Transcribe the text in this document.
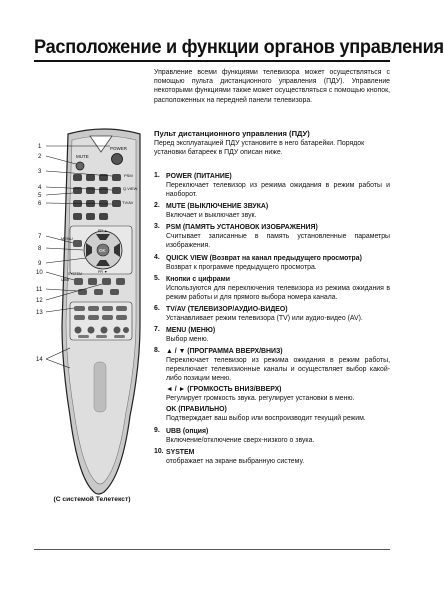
Расположение и функции органов управления
Управление всеми функциями телевизора может осуществляться с помощью пульта дистанционного управления (ПДУ). Управление некоторыми функциями также может осуществляться с помощью кнопок, расположенных на передней панели телевизора.
Пульт дистанционного управления (ПДУ)
Перед эксплуатацией ПДУ установите в него батарейки. Порядок установки батареек в ПДУ описан ниже.
1. POWER (ПИТАНИЕ)
Переключает телевизор из режима ожидания в режим работы и наоборот.
2. MUTE (ВЫКЛЮЧЕНИЕ ЗВУКА)
Включает и выключает звук.
3. PSM (ПАМЯТЬ УСТАНОВОК ИЗОБРАЖЕНИЯ)
Считывает записанные в память установленные параметры изображения.
4. QUICK VIEW (Возврат на канал предыдущего просмотра)
Возврат к программе предыдущего просмотра.
5. Кнопки с цифрами
Используются для переключения телевизора из режима ожидания в режим работы и для прямого выбора номера канала.
6. TV/AV (ТЕЛЕВИЗОР/АУДИО-ВИДЕО)
Устанавливает режим телевизора (TV) или аудио-видео (AV).
7. MENU (МЕНЮ)
Выбор меню.
8. ▲ / ▼ (ПРОГРАММА ВВЕРХ/ВНИЗ)
Переключает телевизор из режима ожидания в режим работы, переключает телевизионные каналы и осуществляет выбор какой-либо позиции меню.
◄ / ► (ГРОМКОСТЬ ВНИЗ/ВВЕРХ)
Регулирует громкость звука. регулирует установки в меню.
OK (ПРАВИЛЬНО)
Подтверждает ваш выбор или воспроизводит текущий режим.
9. UBB (опция)
Включение/отключение сверх-низкого о звука.
10. SYSTEM
отображает на экране выбранную систему.
POWER
MUTE
PSM
Q.VIEW
TV/AV
MENU
OK
PR ▲
PR ▼
UBB
SYSTEM
1
2
3
4
5
6
7
8
9
10
11
12
13
14
(С системой Телетекст)
